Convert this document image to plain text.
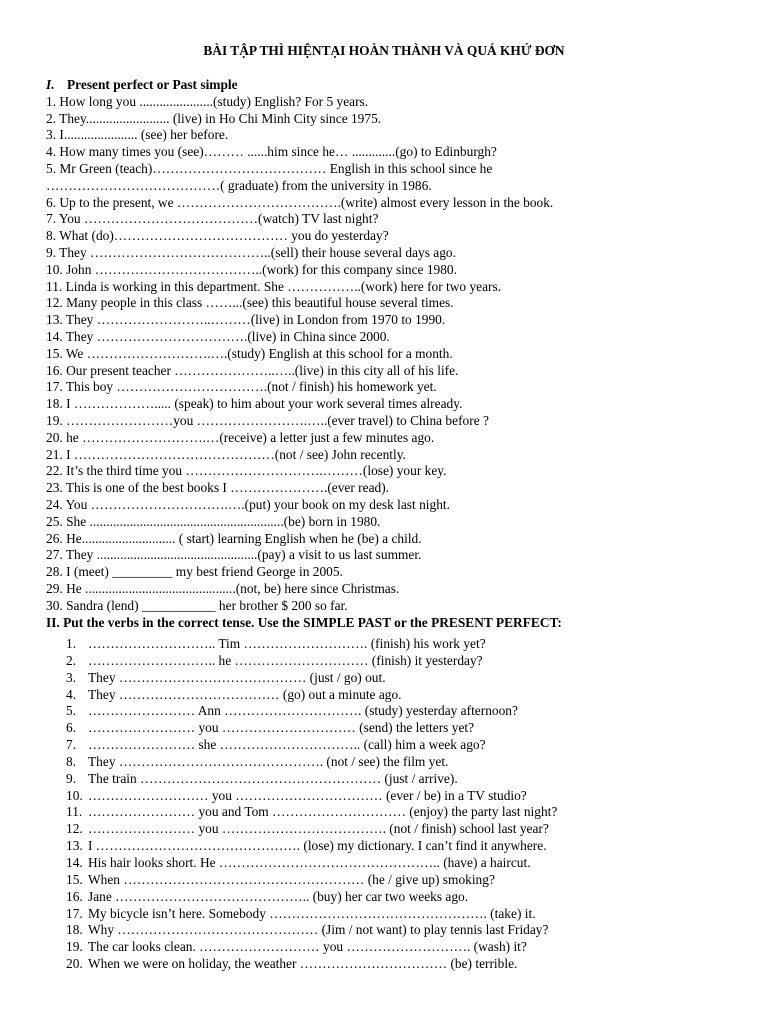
BÀI TẬP THÌ HIỆNTẠI HOÀN THÀNH VÀ QUÁ KHỨ ĐƠN
I. Present perfect or Past simple
1. How long you ......................(study) English? For 5 years.
2. They......................... (live) in Ho Chi Minh City since 1975.
3. I...................... (see) her before.
4. How many times you (see)……… ......him since he… .............(go) to Edinburgh?
5. Mr Green (teach)………………………………… English in this school since he
…………………………………( graduate) from the university in 1986.
6. Up to the present, we ……………………………….(write) almost every lesson in the book.
7. You …………………………………(watch) TV last night?
8. What (do)………………………………… you do yesterday?
9. They …………………………………..(sell) their house several days ago.
10. John ………………………………..(work) for this company since 1980.
11. Linda is working in this department. She ……………..(work) here for two years.
12. Many people in this class ……...(see) this beautiful house several times.
13. They ……………………..………(live) in London from 1970 to 1990.
14. They …………………………….(live) in China since 2000.
15. We ……………………….….(study) English at this school for a month.
16. Our present teacher …………………..…..(live) in this city all of his life.
17. This boy …………………………….(not / finish) his homework yet.
18. I ………………..... (speak) to him about your work several times already.
19. ……………………you …………………….…..(ever travel) to China before ?
20. he ……………………….…(receive) a letter just a few minutes ago.
21. I ………………………………………(not / see) John recently.
22. It’s the third time you ………………………….………(lose) your key.
23. This is one of the best books I ………………….(ever read).
24. You ………………………….….(put) your book on my desk last night.
25. She ..........................................................(be) born in 1980.
26. He............................ ( start) learning English when he (be) a child.
27. They ................................................(pay) a visit to us last summer.
28. I (meet) _________ my best friend George in 2005.
29. He .............................................(not, be) here since Christmas.
30. Sandra (lend) ___________ her brother $ 200 so far.
II. Put the verbs in the correct tense. Use the SIMPLE PAST or the PRESENT PERFECT:
1. ……………………….. Tim ………………………. (finish) his work yet?
2. ……………………….. he ………………………… (finish) it yesterday?
3. They …………………………………… (just / go) out.
4. They ……………………………… (go) out a minute ago.
5. …………………… Ann …………………………. (study) yesterday afternoon?
6. …………………… you ………………………… (send) the letters yet?
7. …………………… she ………………………….. (call) him a week ago?
8. They ………………………………………. (not / see) the film yet.
9. The train ……………………………………………… (just / arrive).
10. ……………………… you …………………………… (ever / be) in a TV studio?
11. …………………… you and Tom ………………………… (enjoy) the party last night?
12. …………………… you ………………………………. (not / finish) school last year?
13. I ………………………………………. (lose) my dictionary. I can’t find it anywhere.
14. His hair looks short. He ………………………………………….. (have) a haircut.
15. When ……………………………………………… (he / give up) smoking?
16. Jane …………………………………….. (buy) her car two weeks ago.
17. My bicycle isn’t here. Somebody …………………………………………. (take) it.
18. Why ……………………………………… (Jim / not want) to play tennis last Friday?
19. The car looks clean. ……………………… you ………………………. (wash) it?
20. When we were on holiday, the weather …………………………… (be) terrible.
